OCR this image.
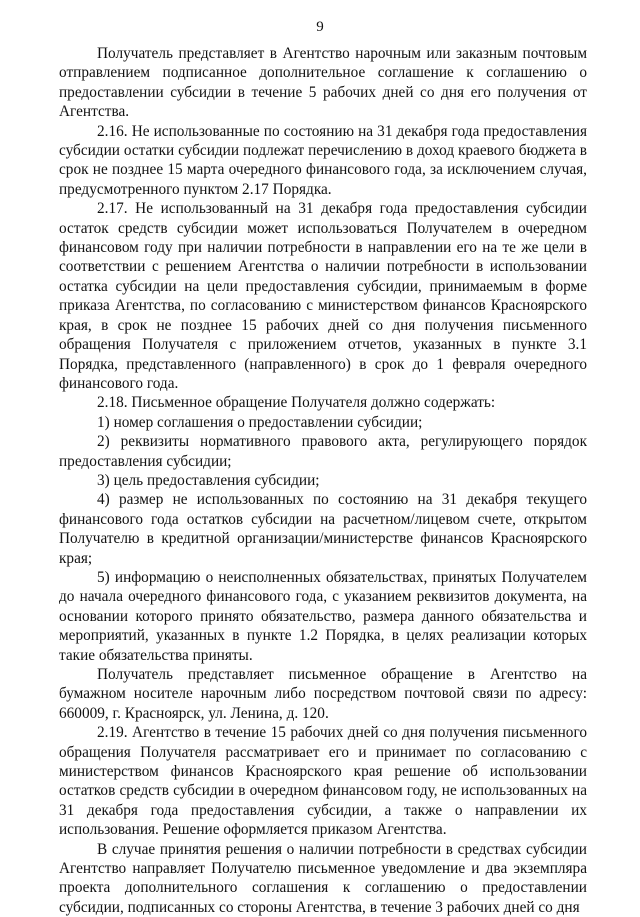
9

Получатель представляет в Агентство нарочным или заказным почтовым отправлением подписанное дополнительное соглашение к соглашению о предоставлении субсидии в течение 5 рабочих дней со дня его получения от Агентства.

2.16. Не использованные по состоянию на 31 декабря года предоставления субсидии остатки субсидии подлежат перечислению в доход краевого бюджета в срок не позднее 15 марта очередного финансового года, за исключением случая, предусмотренного пунктом 2.17 Порядка.

2.17. Не использованный на 31 декабря года предоставления субсидии остаток средств субсидии может использоваться Получателем в очередном финансовом году при наличии потребности в направлении его на те же цели в соответствии с решением Агентства о наличии потребности в использовании остатка субсидии на цели предоставления субсидии, принимаемым в форме приказа Агентства, по согласованию с министерством финансов Красноярского края, в срок не позднее 15 рабочих дней со дня получения письменного обращения Получателя с приложением отчетов, указанных в пункте 3.1 Порядка, представленного (направленного) в срок до 1 февраля очередного финансового года.

2.18. Письменное обращение Получателя должно содержать:

1) номер соглашения о предоставлении субсидии;

2) реквизиты нормативного правового акта, регулирующего порядок предоставления субсидии;

3) цель предоставления субсидии;

4) размер не использованных по состоянию на 31 декабря текущего финансового года остатков субсидии на расчетном/лицевом счете, открытом Получателю в кредитной организации/министерстве финансов Красноярского края;

5) информацию о неисполненных обязательствах, принятых Получателем до начала очередного финансового года, с указанием реквизитов документа, на основании которого принято обязательство, размера данного обязательства и мероприятий, указанных в пункте 1.2 Порядка, в целях реализации которых такие обязательства приняты.

Получатель представляет письменное обращение в Агентство на бумажном носителе нарочным либо посредством почтовой связи по адресу: 660009, г. Красноярск, ул. Ленина, д. 120.

2.19. Агентство в течение 15 рабочих дней со дня получения письменного обращения Получателя рассматривает его и принимает по согласованию с министерством финансов Красноярского края решение об использовании остатков средств субсидии в очередном финансовом году, не использованных на 31 декабря года предоставления субсидии, а также о направлении их использования. Решение оформляется приказом Агентства.

В случае принятия решения о наличии потребности в средствах субсидии Агентство направляет Получателю письменное уведомление и два экземпляра проекта дополнительного соглашения к соглашению о предоставлении субсидии, подписанных со стороны Агентства, в течение 3 рабочих дней со дня
